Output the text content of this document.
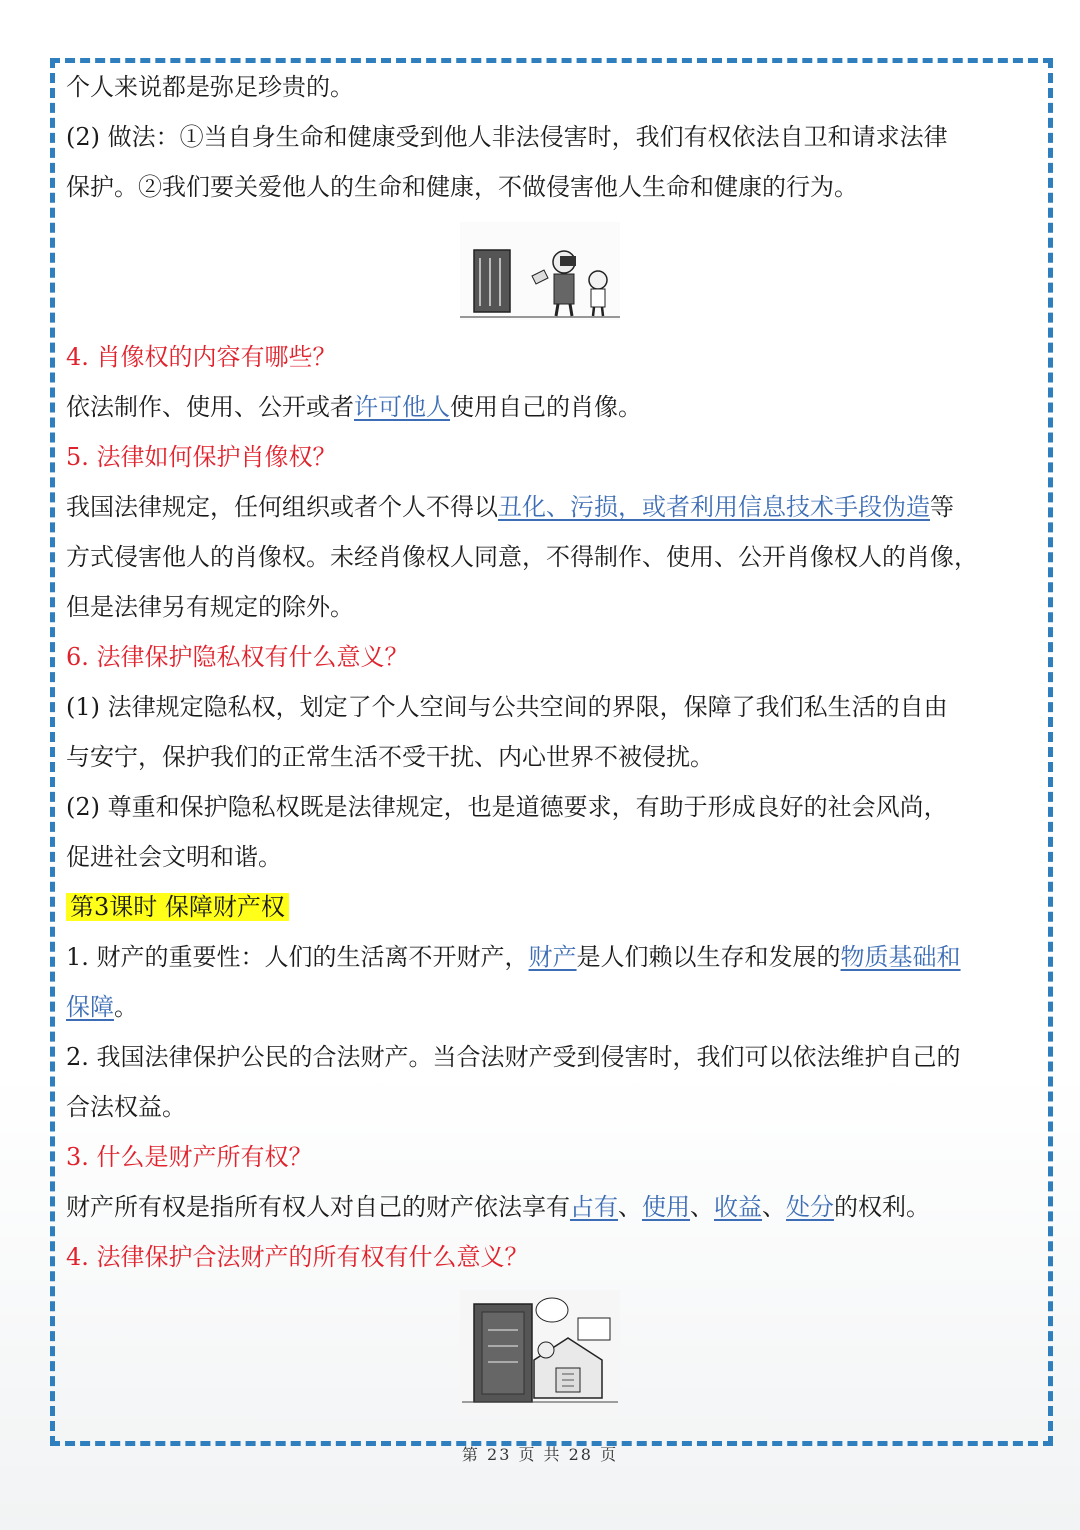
个人来说都是弥足珍贵的。
(2) 做法：①当自身生命和健康受到他人非法侵害时，我们有权依法自卫和请求法律
保护。②我们要关爱他人的生命和健康，不做侵害他人生命和健康的行为。
4. 肖像权的内容有哪些？
依法制作、使用、公开或者许可他人使用自己的肖像。
5. 法律如何保护肖像权？
我国法律规定，任何组织或者个人不得以丑化、污损，或者利用信息技术手段伪造等
方式侵害他人的肖像权。未经肖像权人同意，不得制作、使用、公开肖像权人的肖像，
但是法律另有规定的除外。
6. 法律保护隐私权有什么意义？
(1) 法律规定隐私权，划定了个人空间与公共空间的界限，保障了我们私生活的自由
与安宁，保护我们的正常生活不受干扰、内心世界不被侵扰。
(2) 尊重和保护隐私权既是法律规定，也是道德要求，有助于形成良好的社会风尚，
促进社会文明和谐。
第3课时 保障财产权
1. 财产的重要性：人们的生活离不开财产，财产是人们赖以生存和发展的物质基础和
保障。
2. 我国法律保护公民的合法财产。当合法财产受到侵害时，我们可以依法维护自己的
合法权益。
3. 什么是财产所有权？
财产所有权是指所有权人对自己的财产依法享有占有、使用、收益、处分的权利。
4. 法律保护合法财产的所有权有什么意义？
第 23 页 共 28 页
